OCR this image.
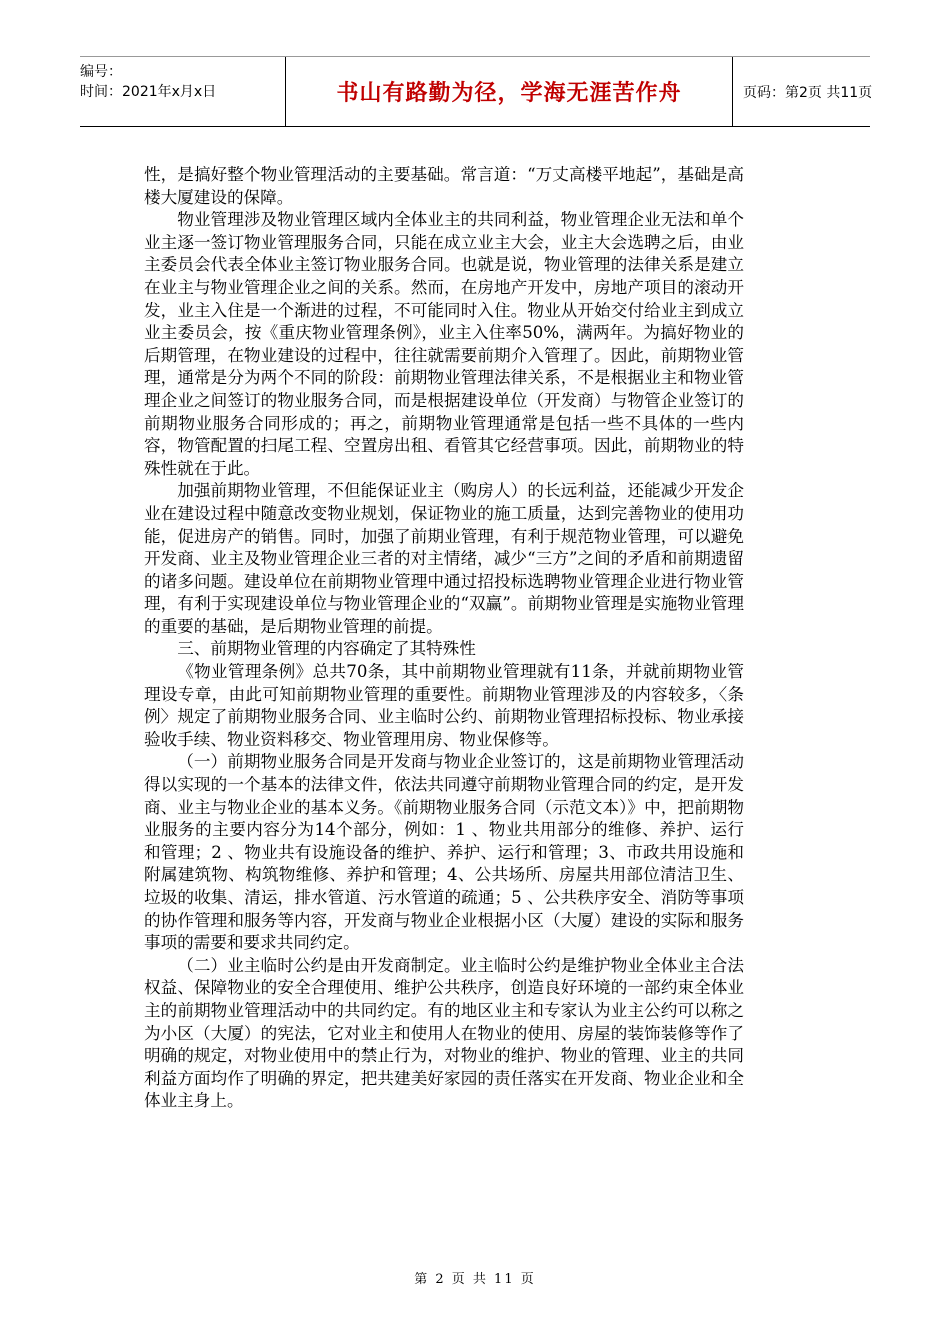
编号：
时间：2021年x月x日	书山有路勤为径，学海无涯苦作舟	页码：第2页 共11页

性，是搞好整个物业管理活动的主要基础。常言道：“万丈高楼平地起”，基础是高楼大厦建设的保障。

物业管理涉及物业管理区域内全体业主的共同利益，物业管理企业无法和单个业主逐一签订物业管理服务合同，只能在成立业主大会，业主大会选聘之后，由业主委员会代表全体业主签订物业服务合同。也就是说，物业管理的法律关系是建立在业主与物业管理企业之间的关系。然而，在房地产开发中，房地产项目的滚动开发，业主入住是一个渐进的过程，不可能同时入住。物业从开始交付给业主到成立业主委员会，按《重庆物业管理条例》，业主入住率50%，满两年。为搞好物业的后期管理，在物业建设的过程中，往往就需要前期介入管理了。因此，前期物业管理，通常是分为两个不同的阶段：前期物业管理法律关系，不是根据业主和物业管理企业之间签订的物业服务合同，而是根据建设单位（开发商）与物管企业签订的前期物业服务合同形成的；再之，前期物业管理通常是包括一些不具体的一些内容，物管配置的扫尾工程、空置房出租、看管其它经营事项。因此，前期物业的特殊性就在于此。

加强前期物业管理，不但能保证业主（购房人）的长远利益，还能减少开发企业在建设过程中随意改变物业规划，保证物业的施工质量，达到完善物业的使用功能，促进房产的销售。同时，加强了前期业管理，有利于规范物业管理，可以避免开发商、业主及物业管理企业三者的对主情绪，减少“三方”之间的矛盾和前期遗留的诸多问题。建设单位在前期物业管理中通过招投标选聘物业管理企业进行物业管理，有利于实现建设单位与物业管理企业的“双赢”。前期物业管理是实施物业管理的重要的基础，是后期物业管理的前提。

三、前期物业管理的内容确定了其特殊性

《物业管理条例》总共70条，其中前期物业管理就有11条，并就前期物业管理设专章，由此可知前期物业管理的重要性。前期物业管理涉及的内容较多，〈条例〉规定了前期物业服务合同、业主临时公约、前期物业管理招标投标、物业承接验收手续、物业资料移交、物业管理用房、物业保修等。

（一）前期物业服务合同是开发商与物业企业签订的，这是前期物业管理活动得以实现的一个基本的法律文件，依法共同遵守前期物业管理合同的约定，是开发商、业主与物业企业的基本义务。《前期物业服务合同（示范文本）》中，把前期物业服务的主要内容分为14个部分，例如：1 、物业共用部分的维修、养护、运行和管理；2 、物业共有设施设备的维护、养护、运行和管理；3、市政共用设施和附属建筑物、构筑物维修、养护和管理；4、公共场所、房屋共用部位清洁卫生、垃圾的收集、清运，排水管道、污水管道的疏通；5 、公共秩序安全、消防等事项的协作管理和服务等内容，开发商与物业企业根据小区（大厦）建设的实际和服务事项的需要和要求共同约定。

（二）业主临时公约是由开发商制定。业主临时公约是维护物业全体业主合法权益、保障物业的安全合理使用、维护公共秩序，创造良好环境的一部约束全体业主的前期物业管理活动中的共同约定。有的地区业主和专家认为业主公约可以称之为小区（大厦）的宪法，它对业主和使用人在物业的使用、房屋的装饰装修等作了明确的规定，对物业使用中的禁止行为，对物业的维护、物业的管理、业主的共同利益方面均作了明确的界定，把共建美好家园的责任落实在开发商、物业企业和全体业主身上。

第 2 页 共 11 页
